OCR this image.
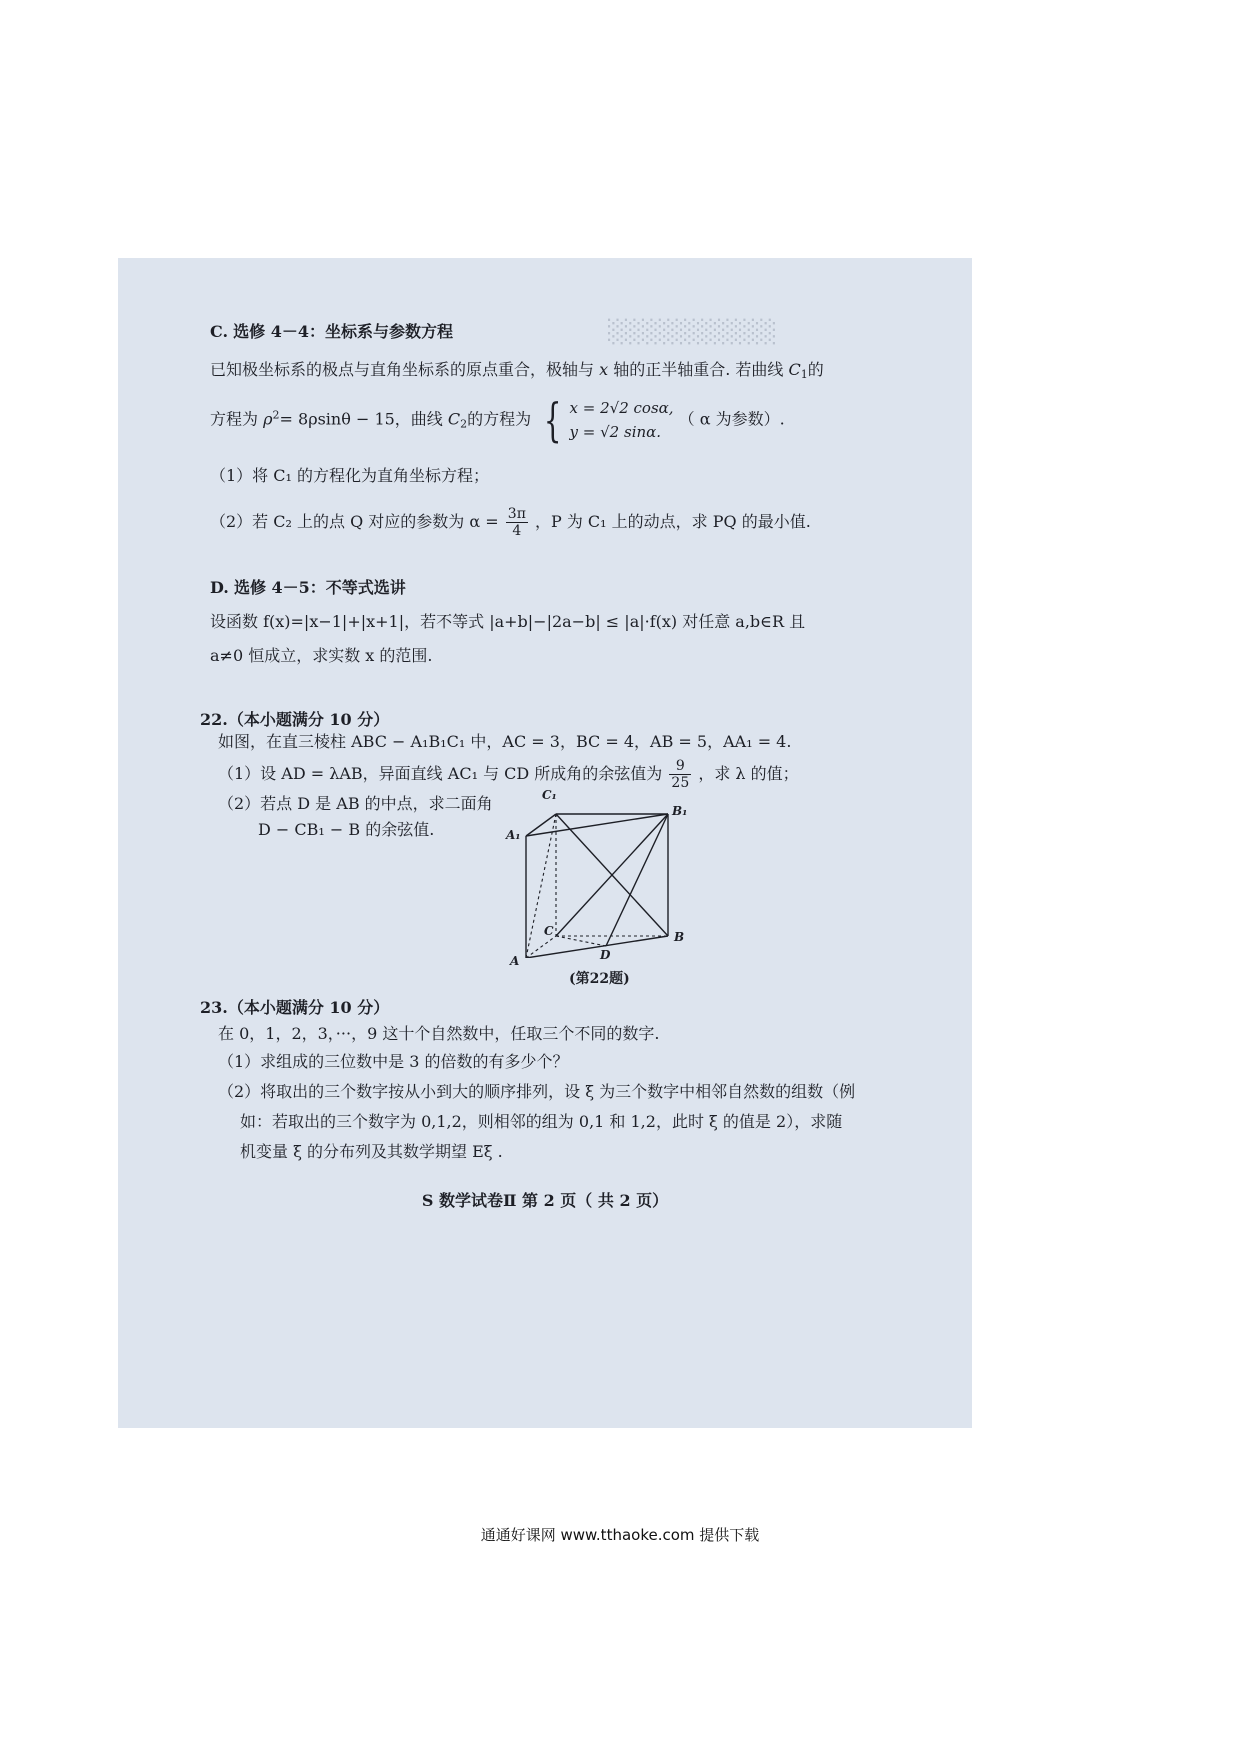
░░░░░░░░░░
C. 选修 4－4：坐标系与参数方程
已知极坐标系的极点与直角坐标系的原点重合，极轴与 x 轴的正半轴重合. 若曲线 $C_1$的
方程为 $\rho^2= 8\rho\sin\theta - 15$，曲线 $C_2$的方程为 { x = 2√2 cosα,
y = √2 sinα.
（ α 为参数）.
（1）将 C₁ 的方程化为直角坐标方程；
（2）若 C₂ 上的点 Q 对应的参数为 $\alpha = \frac{3\pi}{4}$ ，P 为 C₁ 上的动点，求 PQ 的最小值.
D. 选修 4－5：不等式选讲
设函数 f(x)=|x−1|+|x+1|，若不等式 |a+b|−|2a−b| ≤ |a|·f(x) 对任意 a,b∈R 且
a≠0 恒成立，求实数 x 的范围.
22.（本小题满分 10 分）
如图，在直三棱柱 ABC − A₁B₁C₁ 中，AC = 3，BC = 4，AB = 5，AA₁ = 4.
（1）设 AD = λAB，异面直线 AC₁ 与 CD 所成角的余弦值为 $\frac{9}{25}$ ，求 λ 的值；
（2）若点 D 是 AB 的中点，求二面角
D − CB₁ − B 的余弦值.
C₁
B₁
A₁
C	B
A	D
(第22题)
23.（本小题满分 10 分）
在 0，1，2，3，···，9 这十个自然数中，任取三个不同的数字.
（1）求组成的三位数中是 3 的倍数的有多少个？
（2）将取出的三个数字按从小到大的顺序排列，设 ξ 为三个数字中相邻自然数的组数（例
如：若取出的三个数字为 0,1,2，则相邻的组为 0,1 和 1,2，此时 ξ 的值是 2），求随
机变量 ξ 的分布列及其数学期望 Eξ .
S 数学试卷Ⅱ 第 2 页（ 共 2 页）
通通好课网 www.tthaoke.com 提供下载
